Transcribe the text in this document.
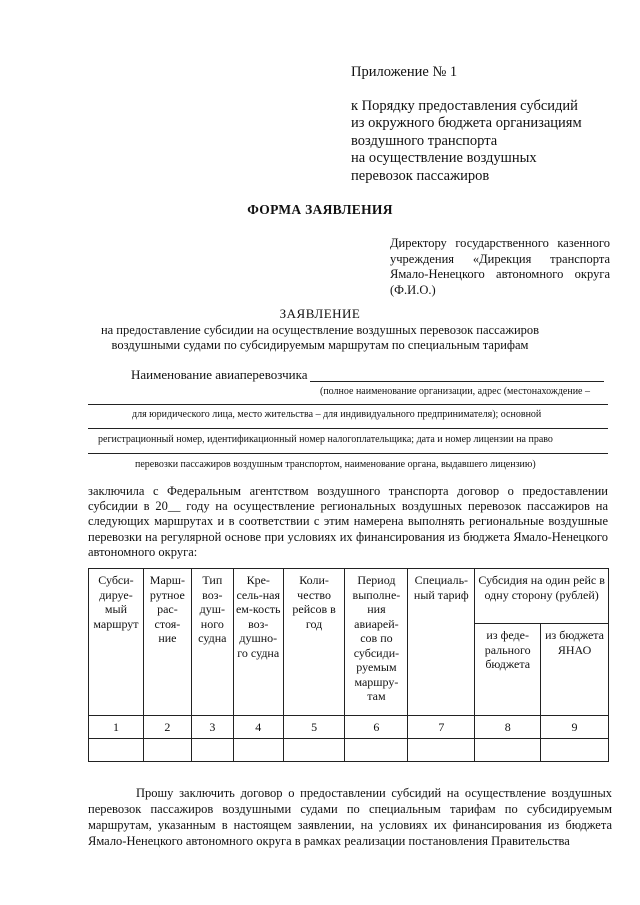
Приложение № 1
к Порядку предоставления субсидий
из окружного бюджета организациям
воздушного транспорта
на осуществление воздушных
перевозок пассажиров
ФОРМА ЗАЯВЛЕНИЯ
Директору государственного казенного учреждения «Дирекция транспорта Ямало-Ненецкого автономного округа (Ф.И.О.)
ЗАЯВЛЕНИЕ
на предоставление субсидии на осуществление воздушных перевозок пассажиров
воздушными судами по субсидируемым маршрутам по специальным тарифам
Наименование авиаперевозчика
(полное наименование организации, адрес (местонахождение –
для юридического лица, место жительства – для индивидуального предпринимателя); основной
регистрационный номер, идентификационный номер налогоплательщика; дата и номер лицензии на право
перевозки пассажиров воздушным транспортом, наименование органа, выдавшего лицензию)
заключила с Федеральным агентством воздушного транспорта договор о предоставлении субсидии в 20__ году на осуществление региональных воздушных перевозок пассажиров на следующих маршрутах и в соответствии с этим намерена выполнять региональные воздушные перевозки на регулярной основе при условиях их финансирования из бюджета Ямало-Ненецкого автономного округа:
Субси-дируе-мый маршрут	Марш-рутное рас-стоя-ние	Тип воз-душ-ного судна	Кре-сель-ная ем-кость воз-душно-го судна	Коли-чество рейсов в год	Период выполне-ния авиарей-сов по субсиди-руемым маршру-там	Специаль-ный тариф	Субсидия на один рейс в одну сторону (рублей)	
							из феде-рального бюджета	из бюджета ЯНАО
1	2	3	4	5	6	7	8	9

Прошу заключить договор о предоставлении субсидий на осуществление воздушных перевозок пассажиров воздушными судами по специальным тарифам по субсидируемым маршрутам, указанным в настоящем заявлении, на условиях их финансирования из бюджета Ямало-Ненецкого автономного округа в рамках реализации постановления Правительства
